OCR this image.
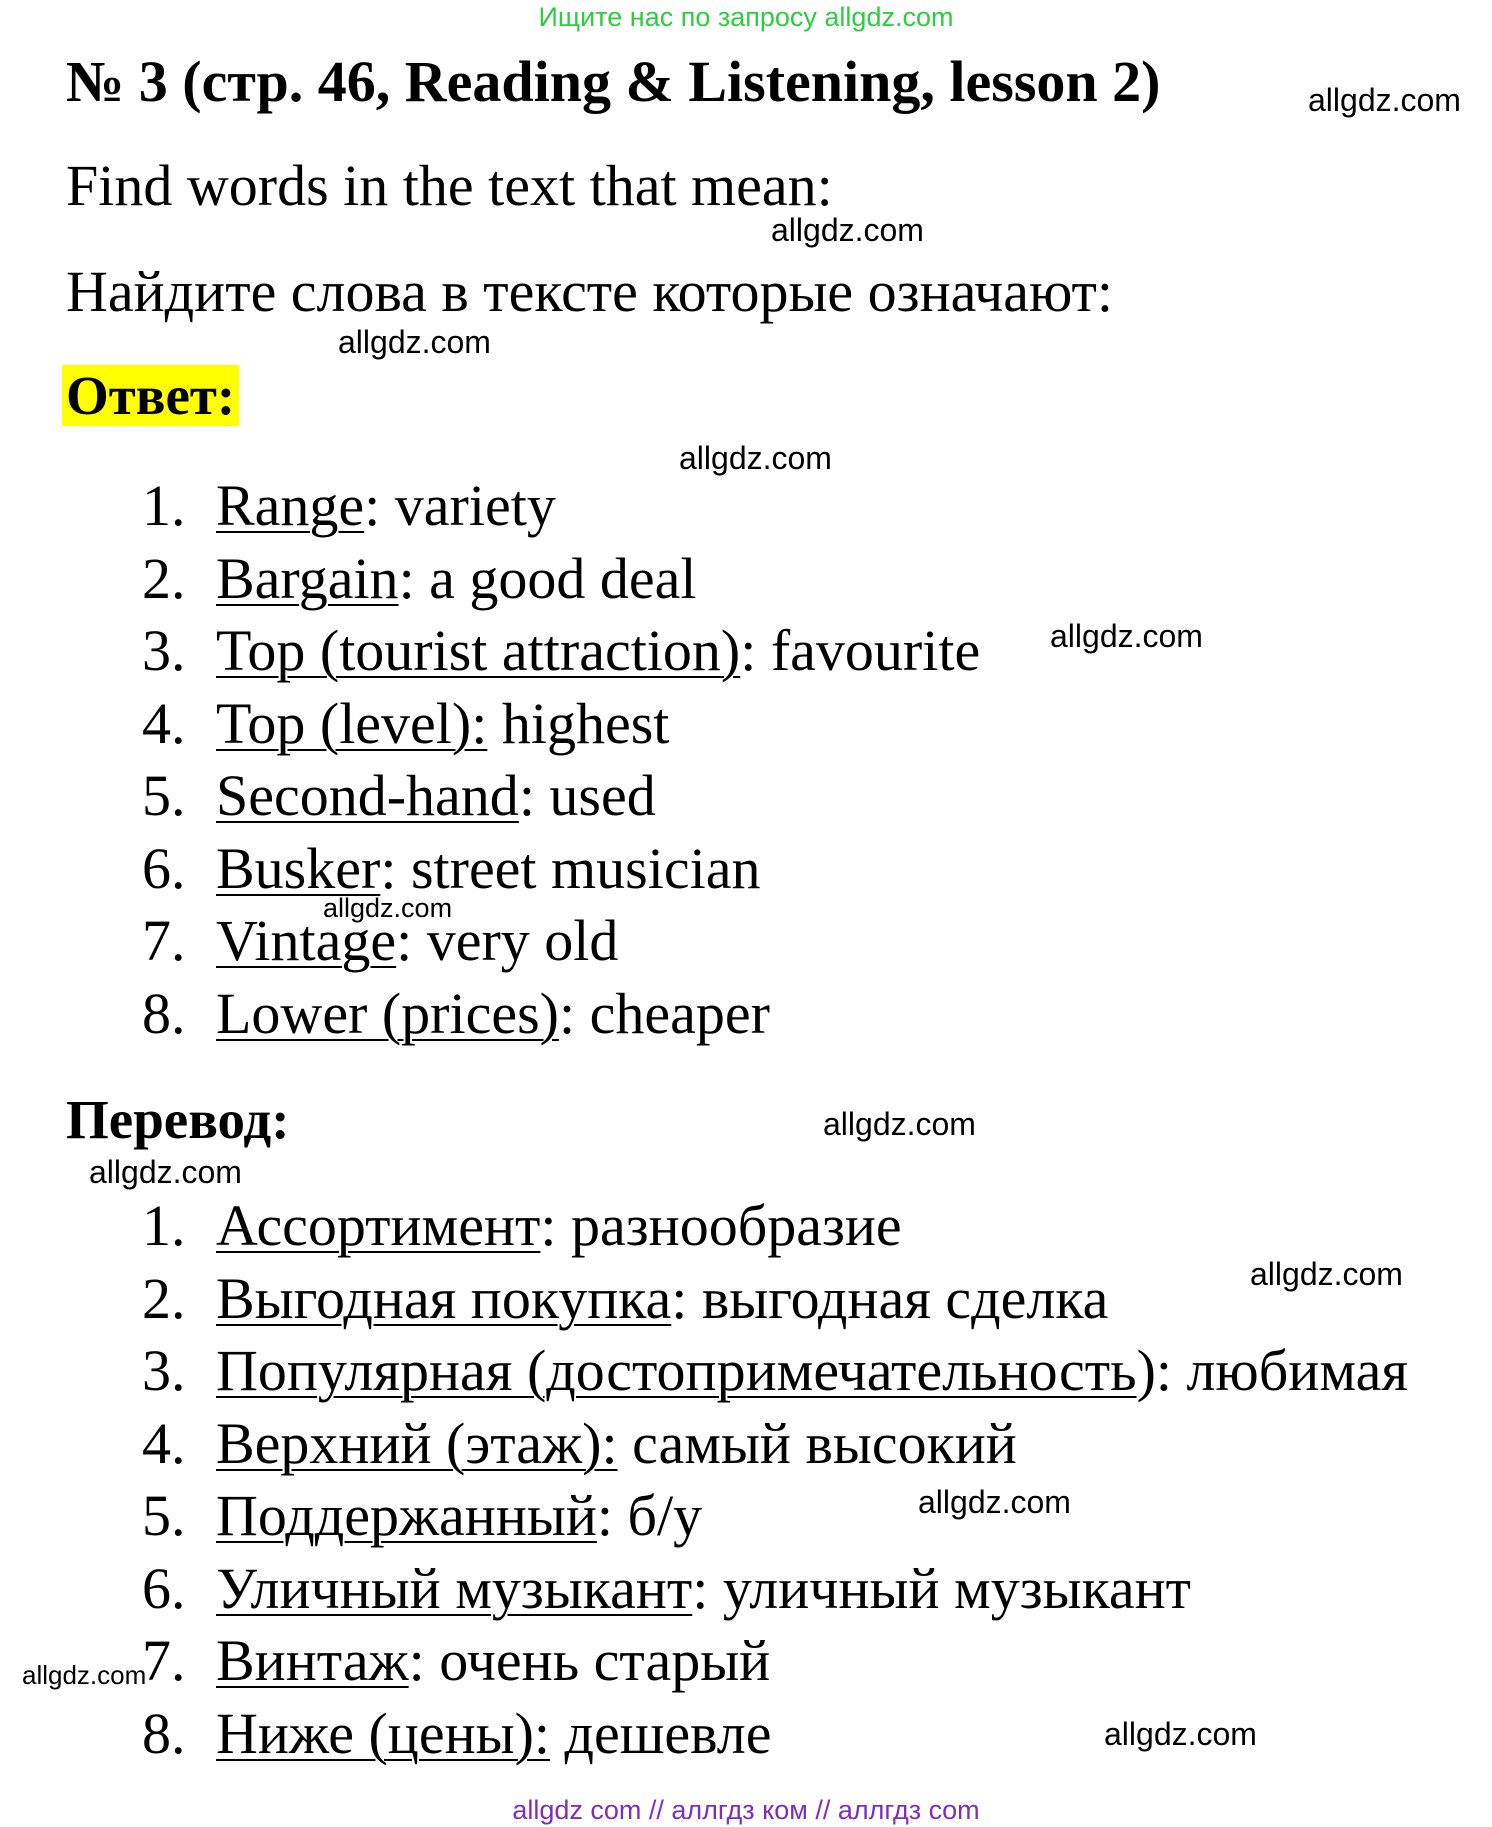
Ищите нас по запросу allgdz.com
№ 3 (стр. 46, Reading & Listening, lesson 2)	allgdz.com
Find words in the text that mean:
allgdz.com
Найдите слова в тексте которые означают:
allgdz.com
Ответ:
allgdz.com
1. Range: variety
2. Bargain: a good deal
3. Top (tourist attraction): favourite
4. Top (level): highest
5. Second-hand: used
6. Busker: street musician
7. Vintage: very old
8. Lower (prices): cheaper
allgdz.com
allgdz.com
Перевод:	allgdz.com
allgdz.com
1. Ассортимент: разнообразие
2. Выгодная покупка: выгодная сделка
3. Популярная (достопримечательность): любимая
4. Верхний (этаж): самый высокий
5. Поддержанный: б/у
6. Уличный музыкант: уличный музыкант
7. Винтаж: очень старый
8. Ниже (цены): дешевле
allgdz.com
allgdz.com
allgdz.com
allgdz.com
allgdz com // аллгдз ком // аллгдз com
